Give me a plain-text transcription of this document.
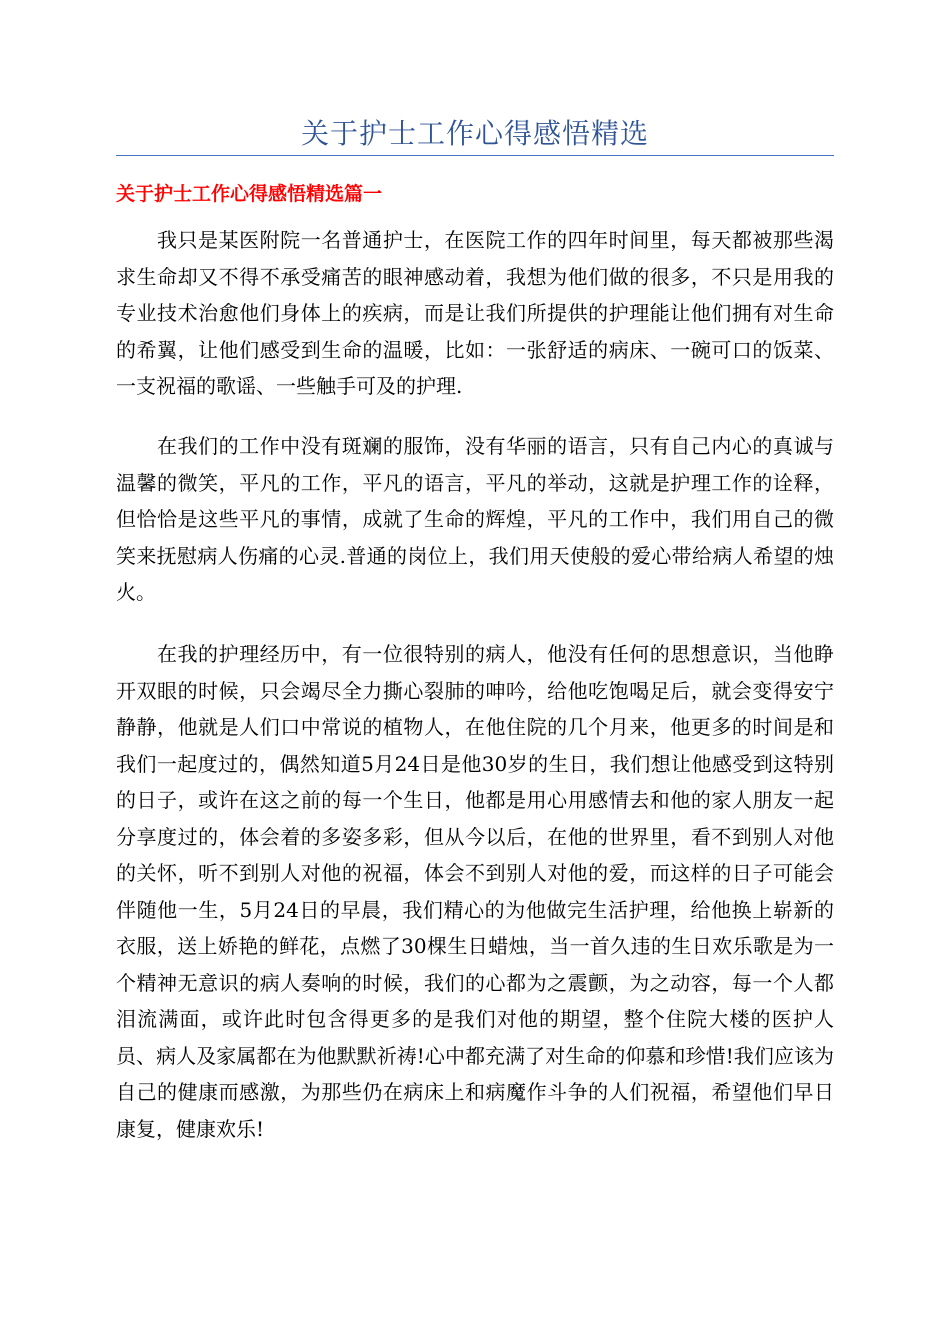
关于护士工作心得感悟精选
关于护士工作心得感悟精选篇一

我只是某医附院一名普通护士，在医院工作的四年时间里，每天都被那些渴求生命却又不得不承受痛苦的眼神感动着，我想为他们做的很多，不只是用我的专业技术治愈他们身体上的疾病，而是让我们所提供的护理能让他们拥有对生命的希翼，让他们感受到生命的温暖，比如：一张舒适的病床、一碗可口的饭菜、一支祝福的歌谣、一些触手可及的护理.

在我们的工作中没有斑斓的服饰，没有华丽的语言，只有自己内心的真诚与温馨的微笑，平凡的工作，平凡的语言，平凡的举动，这就是护理工作的诠释，但恰恰是这些平凡的事情，成就了生命的辉煌，平凡的工作中，我们用自己的微笑来抚慰病人伤痛的心灵.普通的岗位上，我们用天使般的爱心带给病人希望的烛火。

在我的护理经历中，有一位很特别的病人，他没有任何的思想意识，当他睁开双眼的时候，只会竭尽全力撕心裂肺的呻吟，给他吃饱喝足后，就会变得安宁静静，他就是人们口中常说的植物人，在他住院的几个月来，他更多的时间是和我们一起度过的，偶然知道5月24日是他30岁的生日，我们想让他感受到这特别的日子，或许在这之前的每一个生日，他都是用心用感情去和他的家人朋友一起分享度过的，体会着的多姿多彩，但从今以后，在他的世界里，看不到别人对他的关怀，听不到别人对他的祝福，体会不到别人对他的爱，而这样的日子可能会伴随他一生，5月24日的早晨，我们精心的为他做完生活护理，给他换上崭新的衣服，送上娇艳的鲜花，点燃了30棵生日蜡烛，当一首久违的生日欢乐歌是为一个精神无意识的病人奏响的时候，我们的心都为之震颤，为之动容，每一个人都泪流满面，或许此时包含得更多的是我们对他的期望，整个住院大楼的医护人员、病人及家属都在为他默默祈祷!心中都充满了对生命的仰慕和珍惜!我们应该为自己的健康而感激，为那些仍在病床上和病魔作斗争的人们祝福，希望他们早日康复，健康欢乐!
